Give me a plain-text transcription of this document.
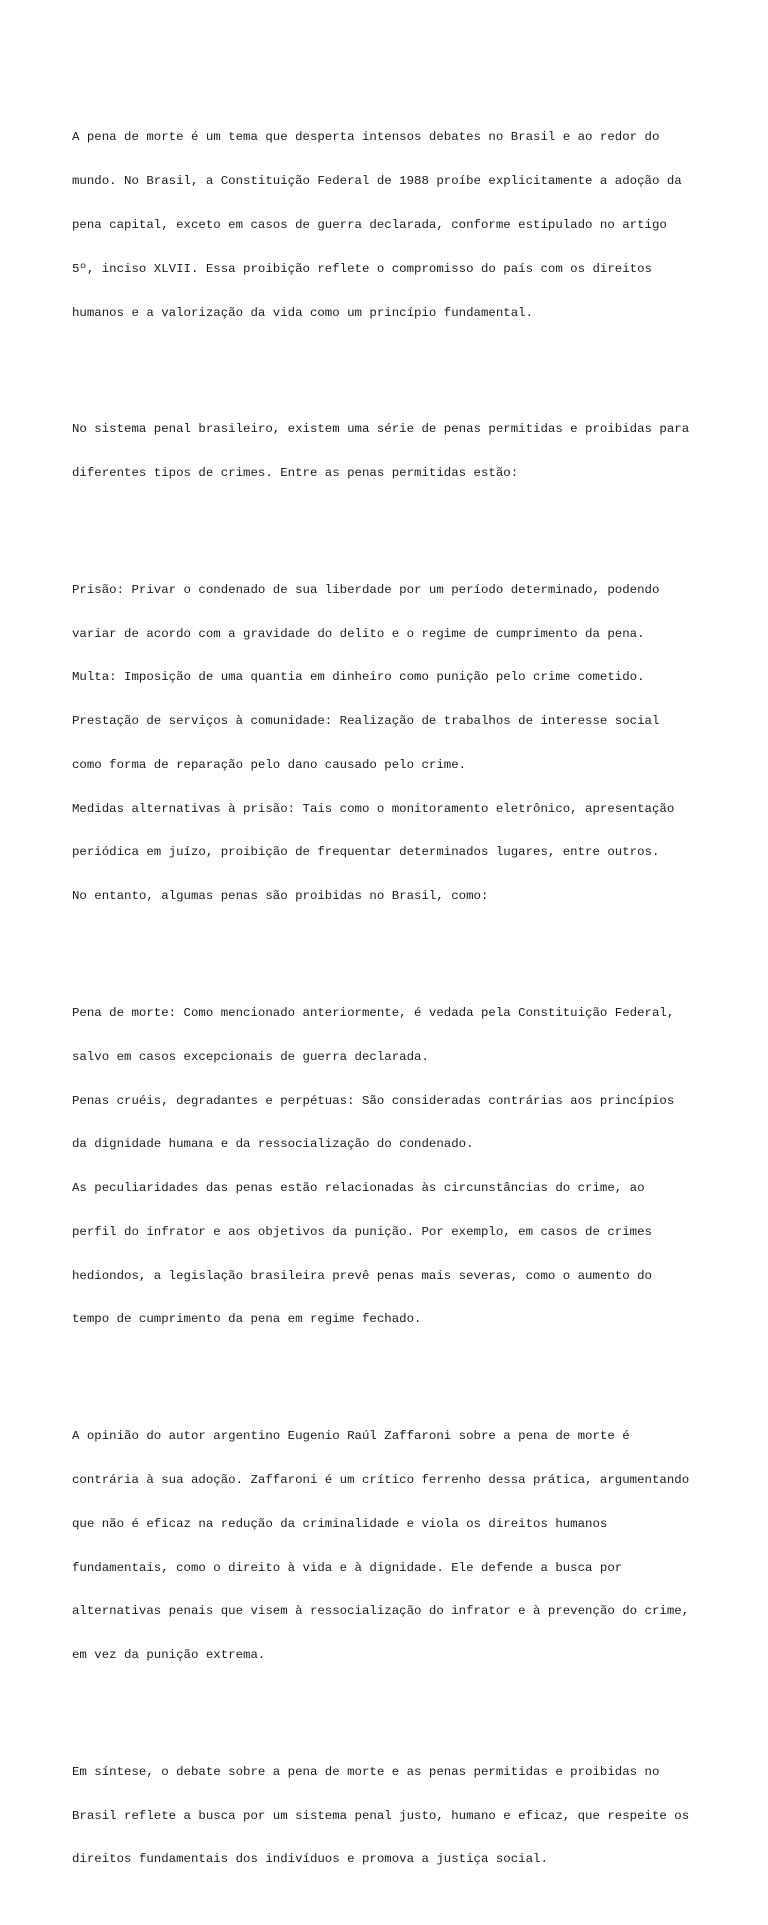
A pena de morte é um tema que desperta intensos debates no Brasil e ao redor do

mundo. No Brasil, a Constituição Federal de 1988 proíbe explicitamente a adoção da

pena capital, exceto em casos de guerra declarada, conforme estipulado no artigo

5º, inciso XLVII. Essa proibição reflete o compromisso do país com os direitos

humanos e a valorização da vida como um princípio fundamental.

No sistema penal brasileiro, existem uma série de penas permitidas e proibidas para

diferentes tipos de crimes. Entre as penas permitidas estão:

Prisão: Privar o condenado de sua liberdade por um período determinado, podendo

variar de acordo com a gravidade do delito e o regime de cumprimento da pena.

Multa: Imposição de uma quantia em dinheiro como punição pelo crime cometido.

Prestação de serviços à comunidade: Realização de trabalhos de interesse social

como forma de reparação pelo dano causado pelo crime.

Medidas alternativas à prisão: Tais como o monitoramento eletrônico, apresentação

periódica em juízo, proibição de frequentar determinados lugares, entre outros.

No entanto, algumas penas são proibidas no Brasil, como:

Pena de morte: Como mencionado anteriormente, é vedada pela Constituição Federal,

salvo em casos excepcionais de guerra declarada.

Penas cruéis, degradantes e perpétuas: São consideradas contrárias aos princípios

da dignidade humana e da ressocialização do condenado.

As peculiaridades das penas estão relacionadas às circunstâncias do crime, ao

perfil do infrator e aos objetivos da punição. Por exemplo, em casos de crimes

hediondos, a legislação brasileira prevê penas mais severas, como o aumento do

tempo de cumprimento da pena em regime fechado.

A opinião do autor argentino Eugenio Raúl Zaffaroni sobre a pena de morte é

contrária à sua adoção. Zaffaroni é um crítico ferrenho dessa prática, argumentando

que não é eficaz na redução da criminalidade e viola os direitos humanos

fundamentais, como o direito à vida e à dignidade. Ele defende a busca por

alternativas penais que visem à ressocialização do infrator e à prevenção do crime,

em vez da punição extrema.

Em síntese, o debate sobre a pena de morte e as penas permitidas e proibidas no

Brasil reflete a busca por um sistema penal justo, humano e eficaz, que respeite os

direitos fundamentais dos indivíduos e promova a justiça social.
